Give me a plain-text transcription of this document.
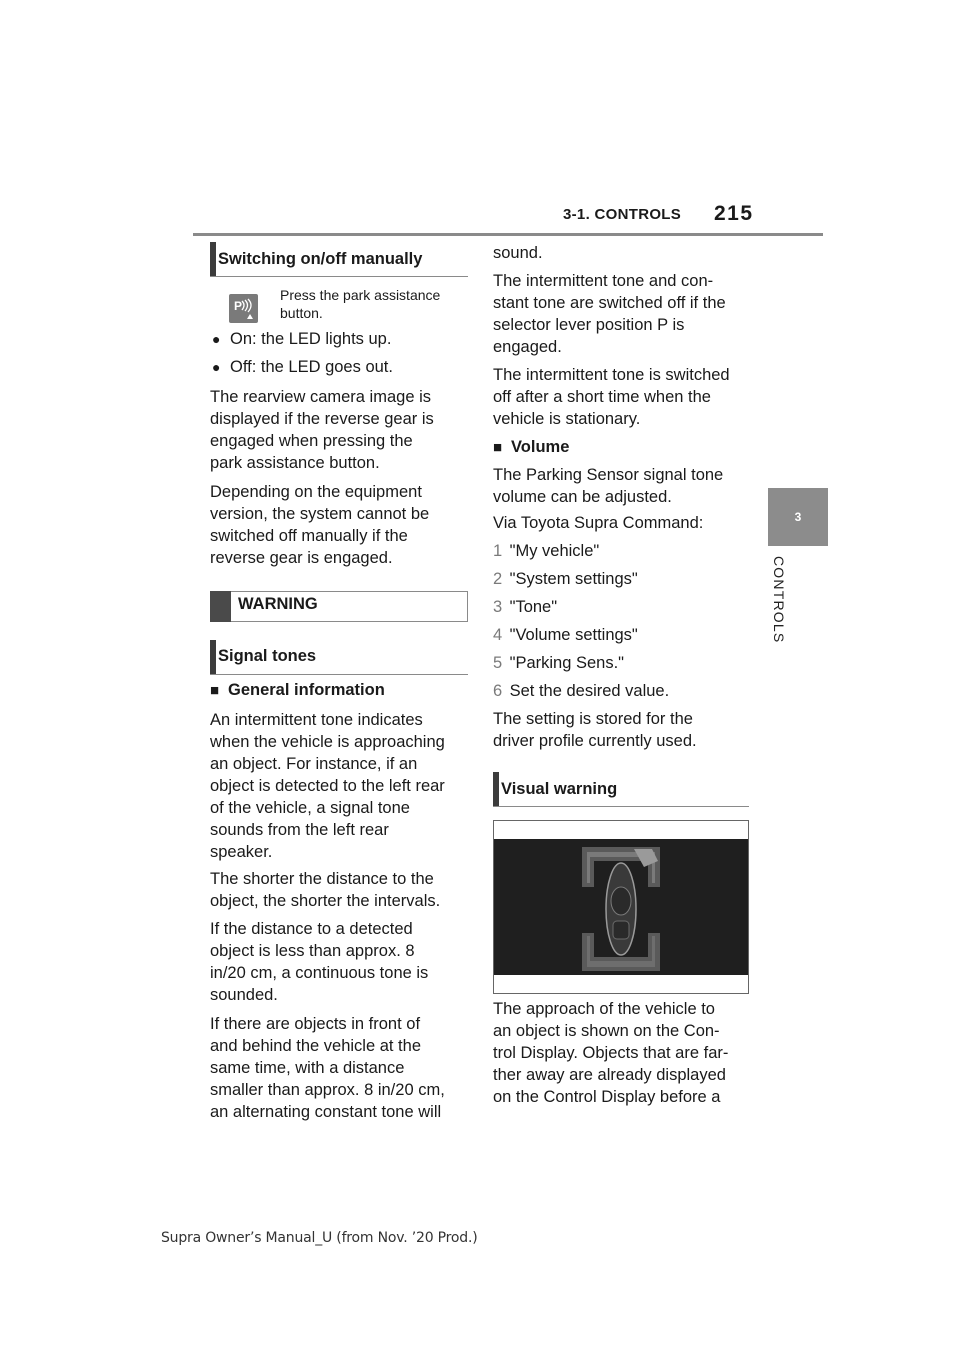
3-1. CONTROLS 215
3
CONTROLS
Switching on/off manually
P
Press the park assistance
button.
● On: the LED lights up.
● Off: the LED goes out.
The rearview camera image is
displayed if the reverse gear is
engaged when pressing the
park assistance button.
Depending on the equipment
version, the system cannot be
switched off manually if the
reverse gear is engaged.
WARNING
Signal tones
■ General information
An intermittent tone indicates
when the vehicle is approaching
an object. For instance, if an
object is detected to the left rear
of the vehicle, a signal tone
sounds from the left rear
speaker.
The shorter the distance to the
object, the shorter the intervals.
If the distance to a detected
object is less than approx. 8
in/20 cm, a continuous tone is
sounded.
If there are objects in front of
and behind the vehicle at the
same time, with a distance
smaller than approx. 8 in/20 cm,
an alternating constant tone will
sound.
The intermittent tone and con-
stant tone are switched off if the
selector lever position P is
engaged.
The intermittent tone is switched
off after a short time when the
vehicle is stationary.
■ Volume
The Parking Sensor signal tone
volume can be adjusted.
Via Toyota Supra Command:
1 "My vehicle"
2 "System settings"
3 "Tone"
4 "Volume settings"
5 "Parking Sens."
6 Set the desired value.
The setting is stored for the
driver profile currently used.
Visual warning
The approach of the vehicle to
an object is shown on the Con-
trol Display. Objects that are far-
ther away are already displayed
on the Control Display before a
Supra Owner’s Manual_U (from Nov. ’20 Prod.)
